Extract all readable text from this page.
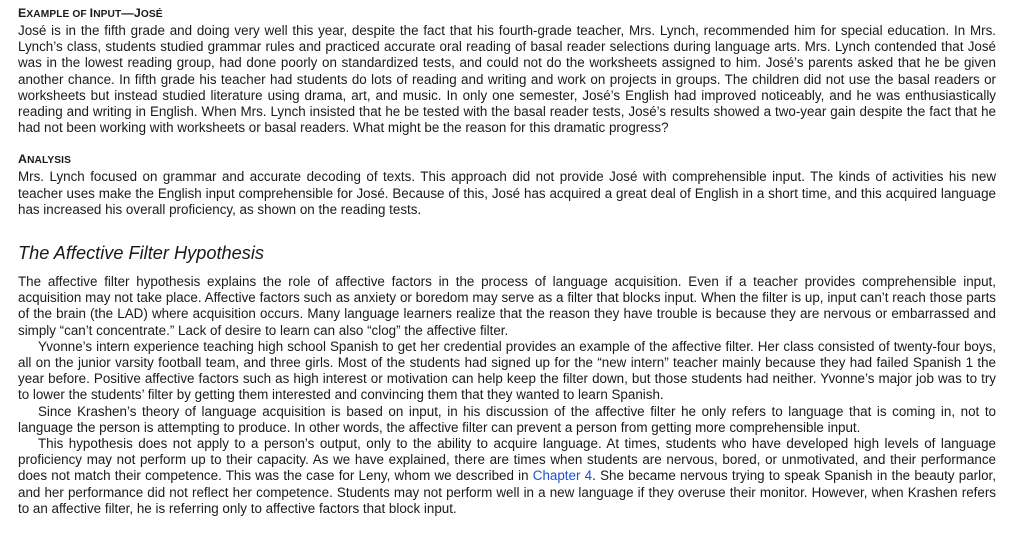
EXAMPLE OF INPUT—JOSÉ

José is in the fifth grade and doing very well this year, despite the fact that his fourth-grade teacher, Mrs. Lynch, recommended him for special education. In Mrs. Lynch’s class, students studied grammar rules and practiced accurate oral reading of basal reader selections during language arts. Mrs. Lynch contended that José was in the lowest reading group, had done poorly on standardized tests, and could not do the worksheets assigned to him. José’s parents asked that he be given another chance. In fifth grade his teacher had students do lots of reading and writing and work on projects in groups. The children did not use the basal readers or worksheets but instead studied literature using drama, art, and music. In only one semester, José’s English had improved noticeably, and he was enthusiastically reading and writing in English. When Mrs. Lynch insisted that he be tested with the basal reader tests, José’s results showed a two-year gain despite the fact that he had not been working with worksheets or basal readers. What might be the reason for this dramatic progress?

ANALYSIS

Mrs. Lynch focused on grammar and accurate decoding of texts. This approach did not provide José with comprehensible input. The kinds of activities his new teacher uses make the English input comprehensible for José. Because of this, José has acquired a great deal of English in a short time, and this acquired language has increased his overall proficiency, as shown on the reading tests.

The Affective Filter Hypothesis

The affective filter hypothesis explains the role of affective factors in the process of language acquisition. Even if a teacher provides comprehensible input, acquisition may not take place. Affective factors such as anxiety or boredom may serve as a filter that blocks input. When the filter is up, input can’t reach those parts of the brain (the LAD) where acquisition occurs. Many language learners realize that the reason they have trouble is because they are nervous or embarrassed and simply “can’t concentrate.” Lack of desire to learn can also “clog” the affective filter.

Yvonne’s intern experience teaching high school Spanish to get her credential provides an example of the affective filter. Her class consisted of twenty-four boys, all on the junior varsity football team, and three girls. Most of the students had signed up for the “new intern” teacher mainly because they had failed Spanish 1 the year before. Positive affective factors such as high interest or motivation can help keep the filter down, but those students had neither. Yvonne’s major job was to try to lower the students’ filter by getting them interested and convincing them that they wanted to learn Spanish.

Since Krashen’s theory of language acquisition is based on input, in his discussion of the affective filter he only refers to language that is coming in, not to language the person is attempting to produce. In other words, the affective filter can prevent a person from getting more comprehensible input.

This hypothesis does not apply to a person’s output, only to the ability to acquire language. At times, students who have developed high levels of language proficiency may not perform up to their capacity. As we have explained, there are times when students are nervous, bored, or unmotivated, and their performance does not match their competence. This was the case for Leny, whom we described in Chapter 4. She became nervous trying to speak Spanish in the beauty parlor, and her performance did not reflect her competence. Students may not perform well in a new language if they overuse their monitor. However, when Krashen refers to an affective filter, he is referring only to affective factors that block input.
